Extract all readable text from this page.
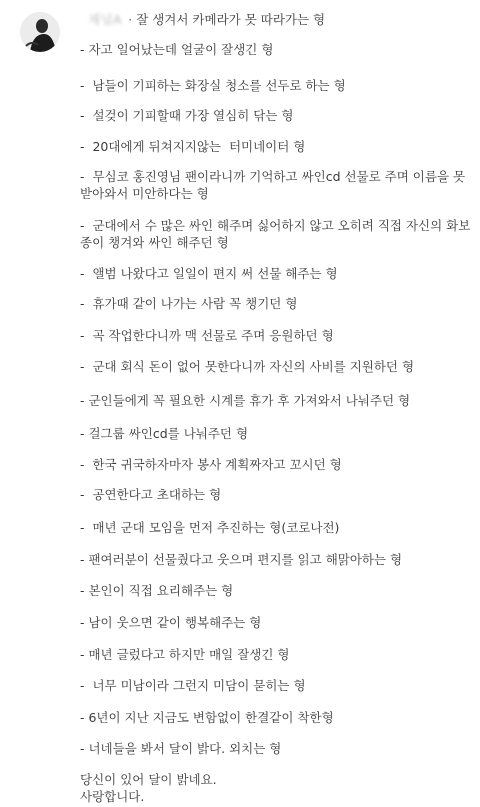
채널A · 잘 생겨서 카메라가 못 따라가는 형
- 자고 일어났는데 얼굴이 잘생긴 형
-  남들이 기피하는 화장실 청소를 선두로 하는 형
-  설겆이 기피할때 가장 열심히 닦는 형
-  20대에게 뒤쳐지지않는  터미네이터 형
-  무심코 홍진영님 팬이라니까 기억하고 싸인cd 선물로 주며 이름을 못받아와서 미안하다는 형
-  군대에서 수 많은 싸인 해주며 싫어하지 않고 오히려 직접 자신의 화보 종이 챙겨와 싸인 해주던 형
-  앨범 나왔다고 일일이 편지 써 선물 해주는 형
-  휴가때 같이 나가는 사람 꼭 챙기던 형
-  곡 작업한다니까 맥 선물로 주며 응원하던 형
-  군대 회식 돈이 없어 못한다니까 자신의 사비를 지원하던 형
- 군인들에게 꼭 필요한 시계를 휴가 후 가져와서 나눠주던 형
- 걸그룹 싸인cd를 나눠주던 형
-  한국 귀국하자마자 봉사 계획짜자고 꼬시던 형
-  공연한다고 초대하는 형
-  매년 군대 모임을 먼저 추진하는 형(코로나전)
- 팬여러분이 선물줬다고 웃으며 편지를 읽고 해맑아하는 형
- 본인이 직접 요리해주는 형
- 남이 웃으면 같이 행복해주는 형
- 매년 글렀다고 하지만 매일 잘생긴 형
-  너무 미남이라 그런지 미담이 묻히는 형
- 6년이 지난 지금도 변함없이 한결같이 착한형
- 너네들을 봐서 달이 밝다. 외치는 형
당신이 있어 달이 밝네요.
사랑합니다.
